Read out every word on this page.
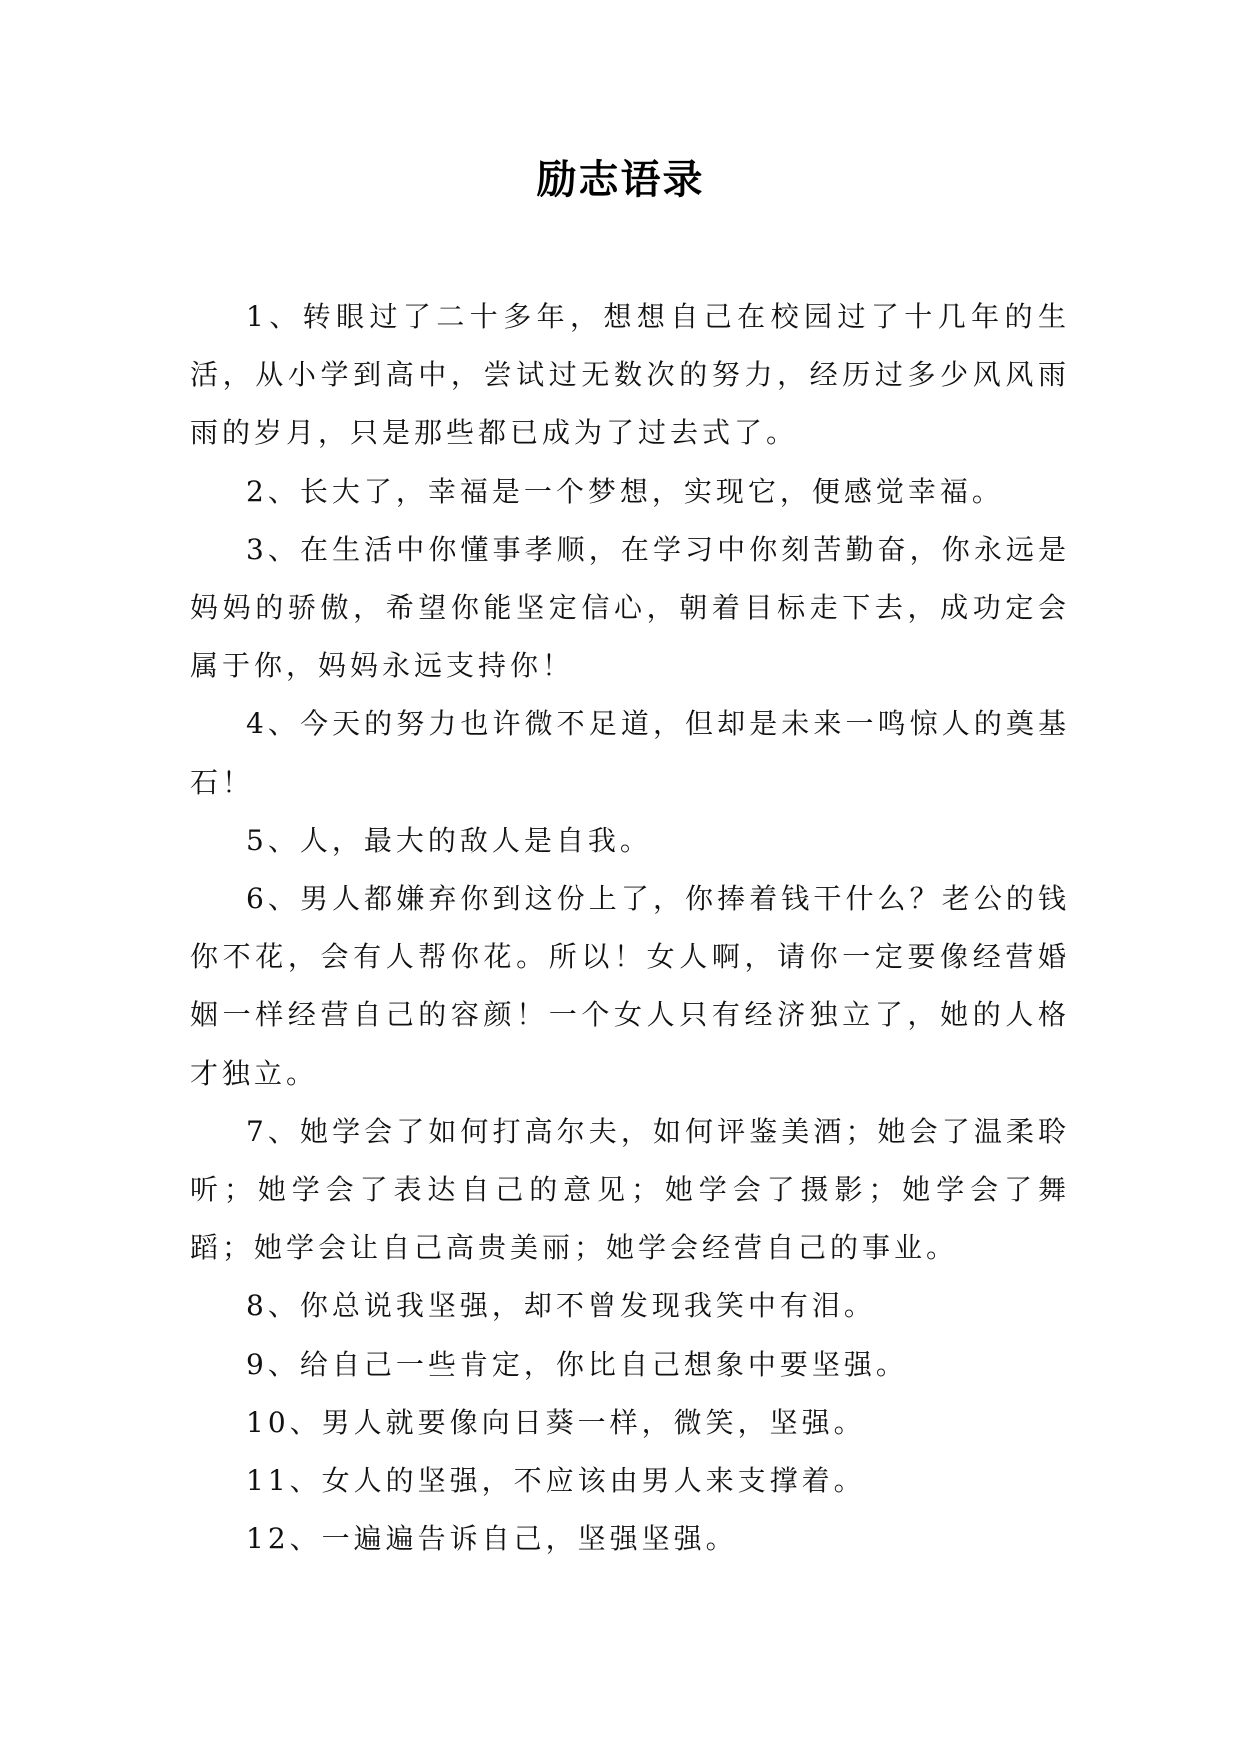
励志语录

1、转眼过了二十多年，想想自己在校园过了十几年的生活，从小学到高中，尝试过无数次的努力，经历过多少风风雨雨的岁月，只是那些都已成为了过去式了。

2、长大了，幸福是一个梦想，实现它，便感觉幸福。

3、在生活中你懂事孝顺，在学习中你刻苦勤奋，你永远是妈妈的骄傲，希望你能坚定信心，朝着目标走下去，成功定会属于你，妈妈永远支持你！

4、今天的努力也许微不足道，但却是未来一鸣惊人的奠基石！

5、人，最大的敌人是自我。

6、男人都嫌弃你到这份上了，你捧着钱干什么？老公的钱你不花，会有人帮你花。所以！女人啊，请你一定要像经营婚姻一样经营自己的容颜！一个女人只有经济独立了，她的人格才独立。

7、她学会了如何打高尔夫，如何评鉴美酒；她会了温柔聆听；她学会了表达自己的意见；她学会了摄影；她学会了舞蹈；她学会让自己高贵美丽；她学会经营自己的事业。

8、你总说我坚强，却不曾发现我笑中有泪。

9、给自己一些肯定，你比自己想象中要坚强。

10、男人就要像向日葵一样，微笑，坚强。

11、女人的坚强，不应该由男人来支撑着。

12、一遍遍告诉自己，坚强坚强。
